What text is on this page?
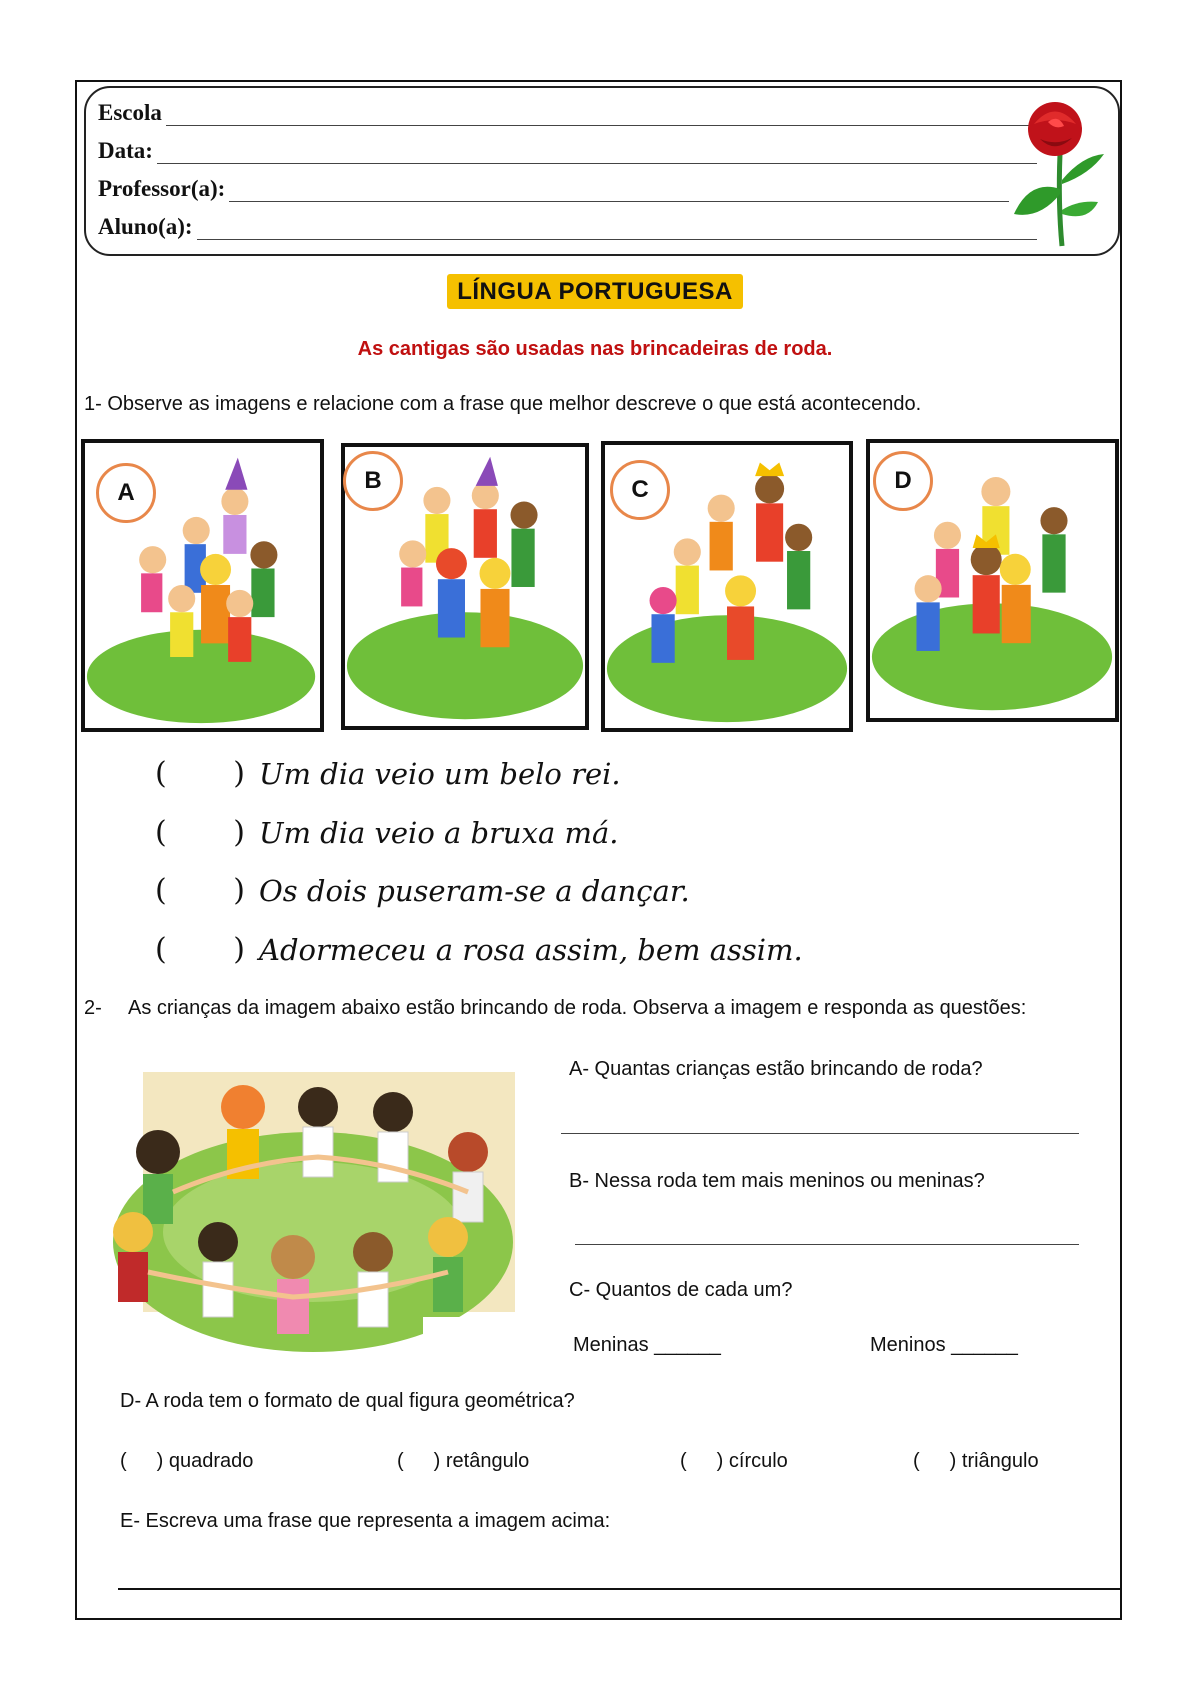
Escola
Data:
Professor(a):
Aluno(a):
LÍNGUA PORTUGUESA
As cantigas são usadas nas brincadeiras de roda.
1- Observe as imagens e relacione com a frase que melhor descreve o que está acontecendo.
A	B	C	D
( ) Um dia veio um belo rei.
( ) Um dia veio a bruxa má.
( ) Os dois puseram-se a dançar.
( ) Adormeceu a rosa assim, bem assim.
2- As crianças da imagem abaixo estão brincando de roda. Observa a imagem e responda as questões:
A- Quantas crianças estão brincando de roda?
B- Nessa roda tem mais meninos ou meninas?
C- Quantos de cada um?
Meninas ______	Meninos ______
D- A roda tem o formato de qual figura geométrica?
( ) quadrado	( ) retângulo	( ) círculo	( ) triângulo
E- Escreva uma frase que representa a imagem acima:
